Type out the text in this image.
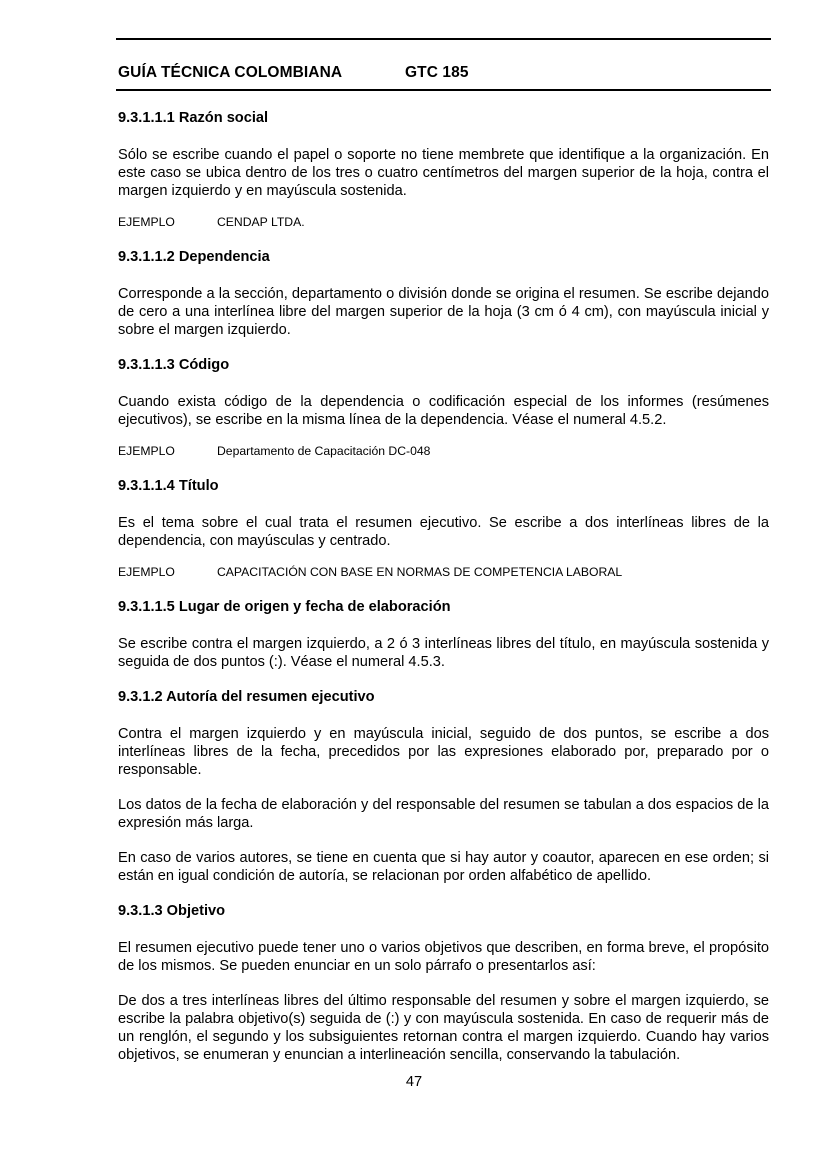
GUÍA TÉCNICA COLOMBIANA	GTC 185
9.3.1.1.1 Razón social

Sólo se escribe cuando el papel o soporte no tiene membrete que identifique a la organización. En este caso se ubica dentro de los tres o cuatro centímetros del margen superior de la hoja, contra el margen izquierdo y en mayúscula sostenida.

EJEMPLO	CENDAP LTDA.
9.3.1.1.2 Dependencia

Corresponde a la sección, departamento o división donde se origina el resumen. Se escribe dejando de cero a una interlínea libre del margen superior de la hoja (3 cm ó 4 cm), con mayúscula inicial y sobre el margen izquierdo.

9.3.1.1.3 Código

Cuando exista código de la dependencia o codificación especial de los informes (resúmenes ejecutivos), se escribe en la misma línea de la dependencia. Véase el numeral 4.5.2.

EJEMPLO	Departamento de Capacitación DC-048
9.3.1.1.4 Título

Es el tema sobre el cual trata el resumen ejecutivo. Se escribe a dos interlíneas libres de la dependencia, con mayúsculas y centrado.

EJEMPLO	CAPACITACIÓN CON BASE EN NORMAS DE COMPETENCIA LABORAL
9.3.1.1.5 Lugar de origen y fecha de elaboración

Se escribe contra el margen izquierdo, a 2 ó 3 interlíneas libres del título, en mayúscula sostenida y seguida de dos puntos (:). Véase el numeral 4.5.3.

9.3.1.2 Autoría del resumen ejecutivo

Contra el margen izquierdo y en mayúscula inicial, seguido de dos puntos, se escribe a dos interlíneas libres de la fecha, precedidos por las expresiones elaborado por, preparado por o responsable.

Los datos de la fecha de elaboración y del responsable del resumen se tabulan a dos espacios de la expresión más larga.

En caso de varios autores, se tiene en cuenta que si hay autor y coautor, aparecen en ese orden; si están en igual condición de autoría, se relacionan por orden alfabético de apellido.

9.3.1.3 Objetivo

El resumen ejecutivo puede tener uno o varios objetivos que describen, en forma breve, el propósito de los mismos. Se pueden enunciar en un solo párrafo o presentarlos así:

De dos a tres interlíneas libres del último responsable del resumen y sobre el margen izquierdo, se escribe la palabra objetivo(s) seguida de (:) y con mayúscula sostenida. En caso de requerir más de un renglón, el segundo y los subsiguientes retornan contra el margen izquierdo. Cuando hay varios objetivos, se enumeran y enuncian a interlineación sencilla, conservando la tabulación.

47
